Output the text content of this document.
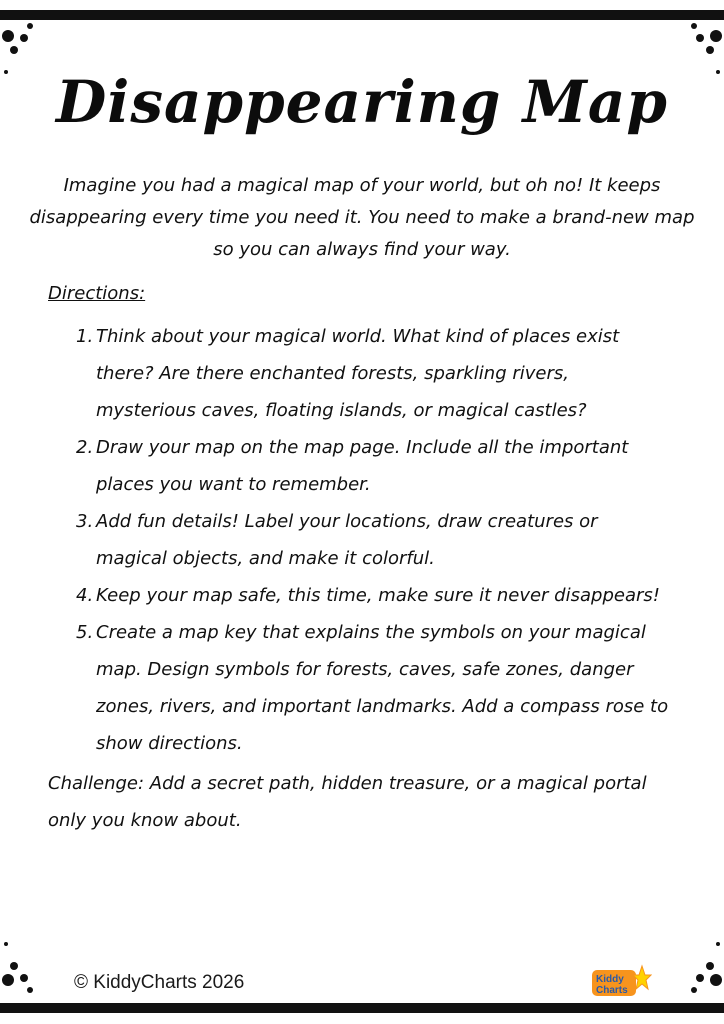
Disappearing Map

Imagine you had a magical map of your world, but oh no! It keeps disappearing every time you need it. You need to make a brand-new map so you can always find your way.

Directions:

1. Think about your magical world. What kind of places exist there? Are there enchanted forests, sparkling rivers, mysterious caves, floating islands, or magical castles?
2. Draw your map on the map page. Include all the important places you want to remember.
3. Add fun details! Label your locations, draw creatures or magical objects, and make it colorful.
4. Keep your map safe, this time, make sure it never disappears!
5. Create a map key that explains the symbols on your magical map. Design symbols for forests, caves, safe zones, danger zones, rivers, and important landmarks. Add a compass rose to show directions.

Challenge: Add a secret path, hidden treasure, or a magical portal only you know about.

© KiddyCharts 2026	Kiddy
Charts
